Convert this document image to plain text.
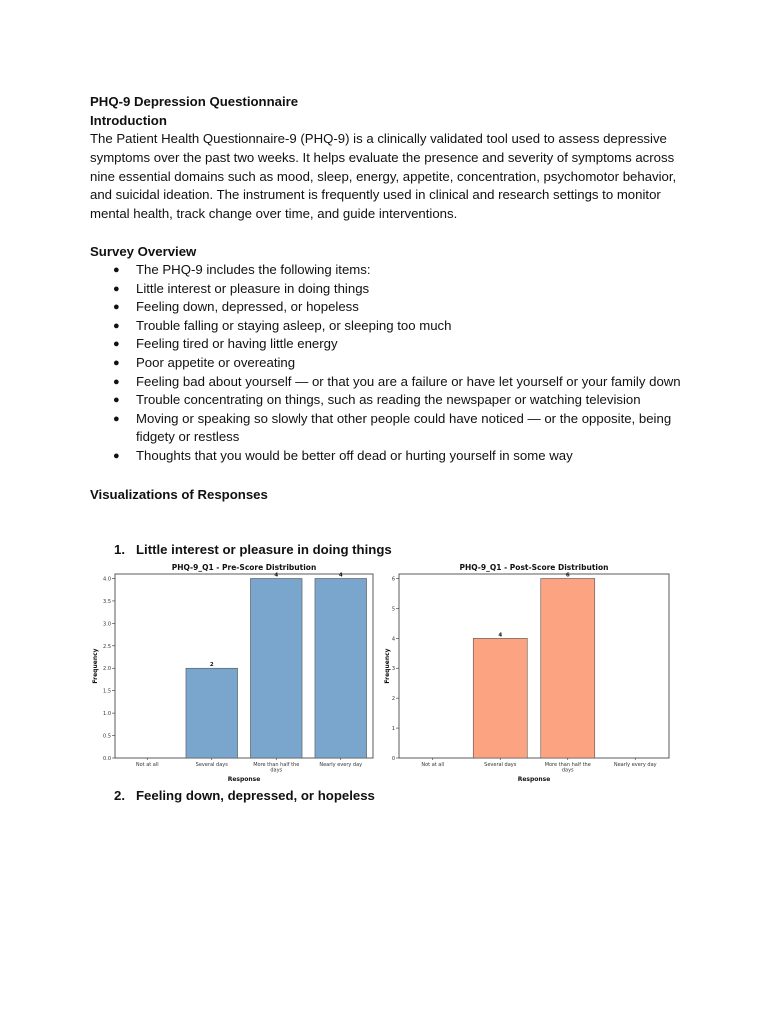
PHQ-9 Depression Questionnaire

Introduction

The Patient Health Questionnaire-9 (PHQ-9) is a clinically validated tool used to assess depressive symptoms over the past two weeks. It helps evaluate the presence and severity of symptoms across nine essential domains such as mood, sleep, energy, appetite, concentration, psychomotor behavior, and suicidal ideation. The instrument is frequently used in clinical and research settings to monitor mental health, track change over time, and guide interventions.

Survey Overview

● The PHQ-9 includes the following items:
● Little interest or pleasure in doing things
● Feeling down, depressed, or hopeless
● Trouble falling or staying asleep, or sleeping too much
● Feeling tired or having little energy
● Poor appetite or overeating
● Feeling bad about yourself — or that you are a failure or have let yourself or your family down
● Trouble concentrating on things, such as reading the newspaper or watching television
● Moving or speaking so slowly that other people could have noticed — or the opposite, being fidgety or restless
● Thoughts that you would be better off dead or hurting yourself in some way

Visualizations of Responses

1. Little interest or pleasure in doing things
PHQ-9_Q1 - Pre-Score Distribution
0.0
0.5
1.0
1.5
2.0
2.5
3.0
3.5
4.0
Frequency
Not at all
2
Several days
4
More than half the days
4
Nearly every day
Response
PHQ-9_Q1 - Post-Score Distribution
0
1
2
3
4
5
6
Frequency
Not at all
4
Several days
6
More than half the days
Nearly every day
Response
2. Feeling down, depressed, or hopeless
